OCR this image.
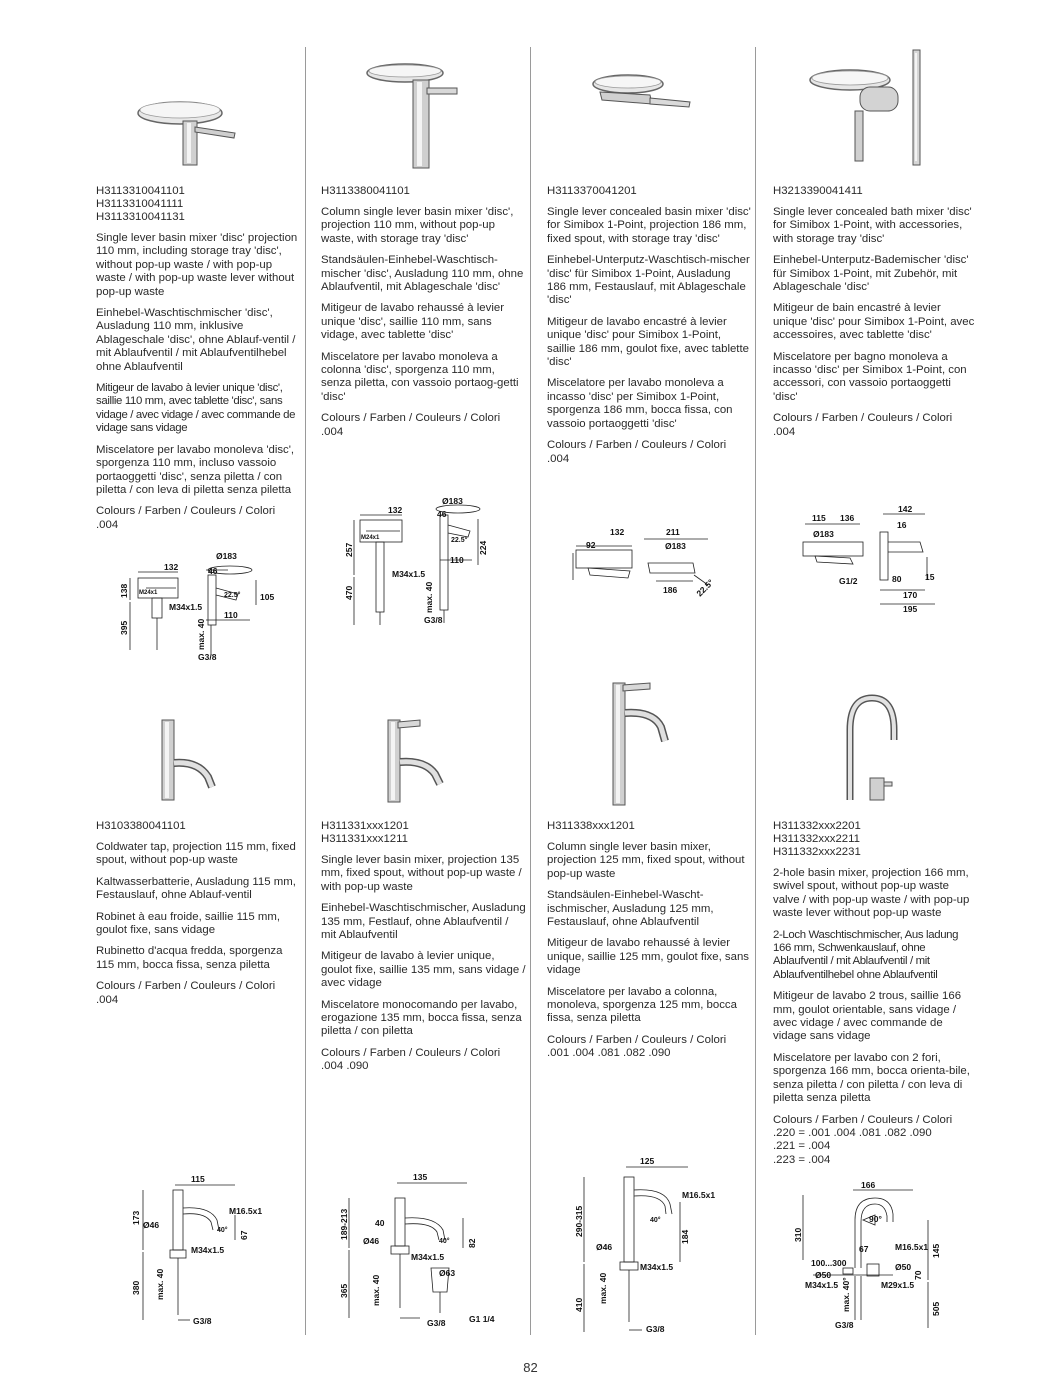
H3113310041101
H3113310041111
H3113310041131

Single lever basin mixer 'disc' projection 110 mm, including storage tray 'disc', without pop-up waste / with pop-up waste / with pop-up waste lever without pop-up waste

Einhebel-Waschtischmischer 'disc', Ausladung 110 mm, inklusive Ablageschale 'disc', ohne Ablauf-ventil / mit Ablaufventil / mit Ablaufventilhebel ohne Ablaufventil

Mitigeur de lavabo à levier unique 'disc', saillie 110 mm, avec tablette 'disc', sans vidage / avec vidage / avec commande de vidage sans vidage

Miscelatore per lavabo monoleva 'disc', sporgenza 110 mm, incluso vassoio portaoggetti 'disc', senza piletta / con piletta / con leva di piletta senza piletta

Colours / Farben / Couleurs / Colori
.004

H3113380041101

Column single lever basin mixer 'disc', projection 110 mm, without pop-up waste, with storage tray 'disc'

Standsäulen-Einhebel-Waschtisch-mischer 'disc', Ausladung 110 mm, ohne Ablaufventil, mit Ablageschale 'disc'

Mitigeur de lavabo rehaussé à levier unique 'disc', saillie 110 mm, sans vidage, avec tablette 'disc'

Miscelatore per lavabo monoleva a colonna 'disc', sporgenza 110 mm, senza piletta, con vassoio portaog-getti 'disc'

Colours / Farben / Couleurs / Colori
.004

H3113370041201

Single lever concealed basin mixer 'disc' for Simibox 1-Point, projection 186 mm, fixed spout, with storage tray 'disc'

Einhebel-Unterputz-Waschtisch-mischer 'disc' für Simibox 1-Point, Ausladung 186 mm, Festauslauf, mit Ablageschale 'disc'

Mitigeur de lavabo encastré à levier unique 'disc' pour Simibox 1-Point, saillie 186 mm, goulot fixe, avec tablette 'disc'

Miscelatore per lavabo monoleva a incasso 'disc' per Simibox 1-Point, sporgenza 186 mm, bocca fissa, con vassoio portaoggetti 'disc'

Colours / Farben / Couleurs / Colori
.004

H3213390041411

Single lever concealed bath mixer 'disc' for Simibox 1-Point, with accessories, with storage tray 'disc'

Einhebel-Unterputz-Bademischer 'disc' für Simibox 1-Point, mit Zubehör, mit Ablageschale 'disc'

Mitigeur de bain encastré à levier unique 'disc' pour Simibox 1-Point, avec accessoires, avec tablette 'disc'

Miscelatore per bagno monoleva a incasso 'disc' per Simibox 1-Point, con accessori, con vassoio portaoggetti 'disc'

Colours / Farben / Couleurs / Colori
.004

132
Ø183
46
M24x1	22.5° 105
110
M34x1.5
138
395	max. 40
G3/8
132
Ø183
46
M24x1	22.5°
224
110
M34x1.5
257
470	max. 40
G3/8
92
132	211
Ø183
186 22.5°
115 136
Ø183
G1/2
142
16
80	15
170
195
H3103380041101

Coldwater tap, projection 115 mm, fixed spout, without pop-up waste

Kaltwasserbatterie, Ausladung 115 mm, Festauslauf, ohne Ablauf-ventil

Robinet à eau froide, saillie 115 mm, goulot fixe, sans vidage

Rubinetto d'acqua fredda, sporgenza 115 mm, bocca fissa, senza piletta

Colours / Farben / Couleurs / Colori
.004

H311331xxx1201
H311331xxx1211

Single lever basin mixer, projection 135 mm, fixed spout, without pop-up waste / with pop-up waste

Einhebel-Waschtischmischer, Ausladung 135 mm, Festlauf, ohne Ablaufventil / mit Ablaufventil

Mitigeur de lavabo à levier unique, goulot fixe, saillie 135 mm, sans vidage / avec vidage

Miscelatore monocomando per lavabo, erogazione 135 mm, bocca fissa, senza piletta / con piletta

Colours / Farben / Couleurs / Colori
.004 .090

H311338xxx1201

Column single lever basin mixer, projection 125 mm, fixed spout, without pop-up waste

Standsäulen-Einhebel-Wascht-ischmischer, Ausladung 125 mm, Festauslauf, ohne Ablaufventil

Mitigeur de lavabo rehaussé à levier unique, saillie 125 mm, goulot fixe, sans vidage

Miscelatore per lavabo a colonna, monoleva, sporgenza 125 mm, bocca fissa, senza piletta

Colours / Farben / Couleurs / Colori
.001 .004 .081 .082 .090

H311332xxx2201
H311332xxx2211
H311332xxx2231

2-hole basin mixer, projection 166 mm, swivel spout, without pop-up waste valve / with pop-up waste / with pop-up waste lever without pop-up waste

2-Loch Waschtischmischer, Aus ladung 166 mm, Schwenkauslauf, ohne Ablaufventil / mit Ablaufventil / mit Ablaufventilhebel ohne Ablaufventil

Mitigeur de lavabo 2 trous, saillie 166 mm, goulot orientable, sans vidage / avec vidage / avec commande de vidage sans vidage

Miscelatore per lavabo con 2 fori, sporgenza 166 mm, bocca orienta-bile, senza piletta / con piletta / con leva di piletta senza piletta

Colours / Farben / Couleurs / Colori
.220 = .001 .004 .081 .082 .090
.221 = .004
.223 = .004

115
M16.5x1
173 Ø46
40°
67
M34x1.5
380 max. 40
G3/8
135
189-213	40
Ø46	40° 82
M34x1.5
Ø63
365	max. 40
G3/8	G1 1/4
125
M16.5x1
290-315	40°
184
Ø46
M34x1.5
410
max. 40
G3/8
166
90°
310
67	M16.5x1
100...300
Ø50
Ø50
M34x1.5
70
145
M29x1.5
max. 40°	505
G3/8
82
